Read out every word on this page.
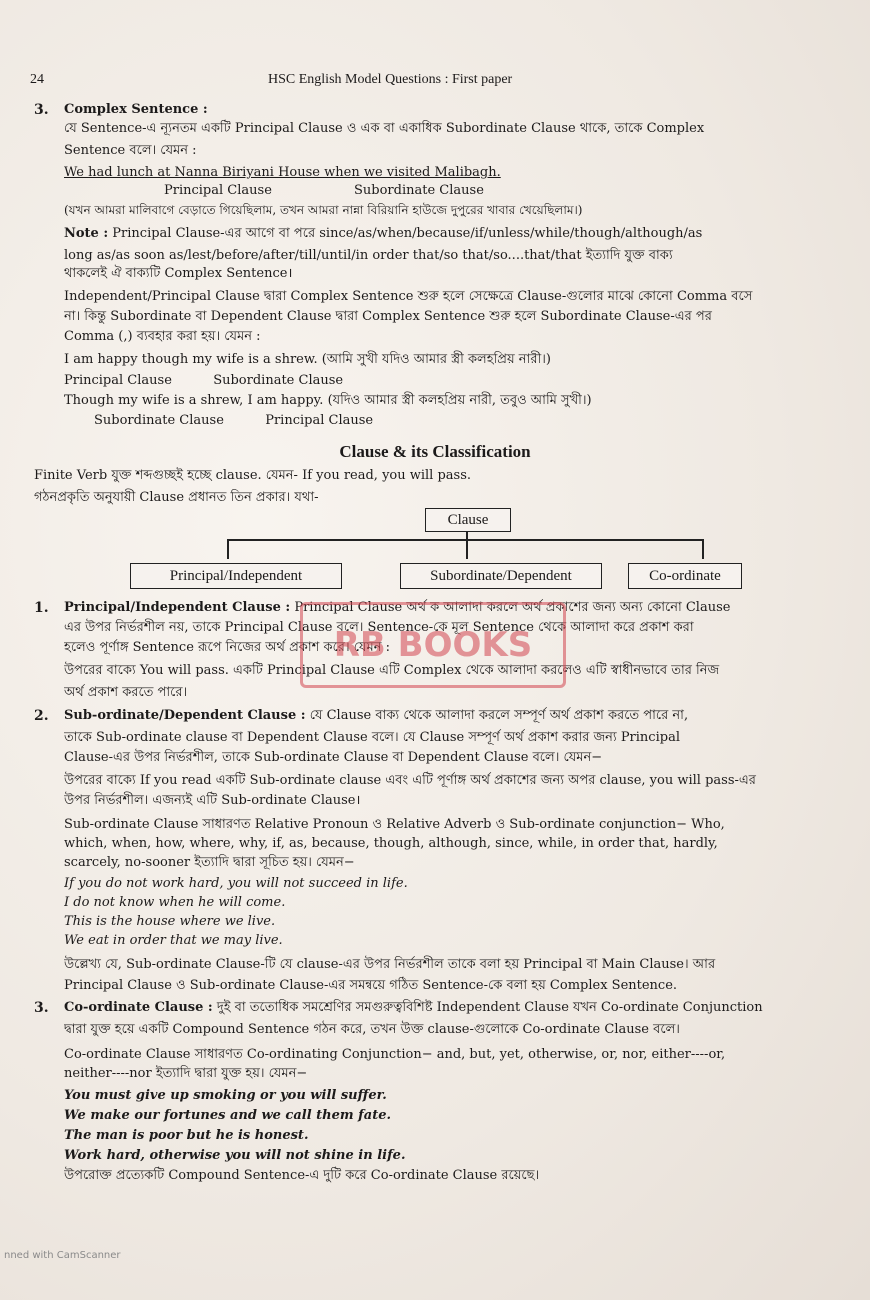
24	HSC English Model Questions : First paper
3. Complex Sentence :
যে Sentence-এ ন্যূনতম একটি Principal Clause ও এক বা একাধিক Subordinate Clause থাকে, তাকে Complex
Sentence বলে। যেমন :
We had lunch at Nanna Biriyani House when we visited Malibagh.
Principal Clause	Subordinate Clause
(যখন আমরা মালিবাগে বেড়াতে গিয়েছিলাম, তখন আমরা নান্না বিরিয়ানি হাউজে দুপুরের খাবার খেয়েছিলাম।)
Note : Principal Clause-এর আগে বা পরে since/as/when/because/if/unless/while/though/although/as
long as/as soon as/lest/before/after/till/until/in order that/so that/so....that/that ইত্যাদি যুক্ত বাক্য
থাকলেই ঐ বাক্যটি Complex Sentence।
Independent/Principal Clause দ্বারা Complex Sentence শুরু হলে সেক্ষেত্রে Clause-গুলোর মাঝে কোনো Comma বসে
না। কিন্তু Subordinate বা Dependent Clause দ্বারা Complex Sentence শুরু হলে Subordinate Clause-এর পর
Comma (,) ব্যবহার করা হয়। যেমন :
I am happy though my wife is a shrew. (আমি সুখী যদিও আমার স্ত্রী কলহপ্রিয় নারী।)
Principal Clause          Subordinate Clause
Though my wife is a shrew, I am happy. (যদিও আমার স্ত্রী কলহপ্রিয় নারী, তবুও আমি সুখী।)
Subordinate Clause          Principal Clause
Clause & its Classification
Finite Verb যুক্ত শব্দগুচ্ছই হচ্ছে clause. যেমন- If you read, you will pass.
গঠনপ্রকৃতি অনুযায়ী Clause প্রধানত তিন প্রকার। যথা-
Clause
Principal/Independent	Subordinate/Dependent	Co-ordinate
1. Principal/Independent Clause : Principal Clause অর্থ ক আলাদা করলে অর্থ প্রকাশের জন্য অন্য কোনো Clause
এর উপর নির্ভরশীল নয়, তাকে Principal Clause বলে। Sentence-কে মূল Sentence থেকে আলাদা করে প্রকাশ করা
হলেও পূর্ণাঙ্গ Sentence রূপে নিজের অর্থ প্রকাশ করে। যেমন :
উপরের বাক্যে You will pass. একটি Principal Clause এটি Complex থেকে আলাদা করলেও এটি স্বাধীনভাবে তার নিজ
অর্থ প্রকাশ করতে পারে।
2. Sub-ordinate/Dependent Clause : যে Clause বাক্য থেকে আলাদা করলে সম্পূর্ণ অর্থ প্রকাশ করতে পারে না,
তাকে Sub-ordinate clause বা Dependent Clause বলে। যে Clause সম্পূর্ণ অর্থ প্রকাশ করার জন্য Principal
Clause-এর উপর নির্ভরশীল, তাকে Sub-ordinate Clause বা Dependent Clause বলে। যেমন−
উপরের বাক্যে If you read একটি Sub-ordinate clause এবং এটি পূর্ণাঙ্গ অর্থ প্রকাশের জন্য অপর clause, you will pass-এর
উপর নির্ভরশীল। এজন্যই এটি Sub-ordinate Clause।
Sub-ordinate Clause সাধারণত Relative Pronoun ও Relative Adverb ও Sub-ordinate conjunction− Who,
which, when, how, where, why, if, as, because, though, although, since, while, in order that, hardly,
scarcely, no-sooner ইত্যাদি দ্বারা সূচিত হয়। যেমন−
If you do not work hard, you will not succeed in life.
I do not know when he will come.
This is the house where we live.
We eat in order that we may live.
উল্লেখ্য যে, Sub-ordinate Clause-টি যে clause-এর উপর নির্ভরশীল তাকে বলা হয় Principal বা Main Clause। আর
Principal Clause ও Sub-ordinate Clause-এর সমন্বয়ে গঠিত Sentence-কে বলা হয় Complex Sentence.
3. Co-ordinate Clause : দুই বা ততোধিক সমশ্রেণির সমগুরুত্ববিশিষ্ট Independent Clause যখন Co-ordinate Conjunction
দ্বারা যুক্ত হয়ে একটি Compound Sentence গঠন করে, তখন উক্ত clause-গুলোকে Co-ordinate Clause বলে।
Co-ordinate Clause সাধারণত Co-ordinating Conjunction− and, but, yet, otherwise, or, nor, either----or,
neither----nor ইত্যাদি দ্বারা যুক্ত হয়। যেমন−
You must give up smoking or you will suffer.
We make our fortunes and we call them fate.
The man is poor but he is honest.
Work hard, otherwise you will not shine in life.
উপরোক্ত প্রত্যেকটি Compound Sentence-এ দুটি করে Co-ordinate Clause রয়েছে।
RB BOOKS
nned with CamScanner
